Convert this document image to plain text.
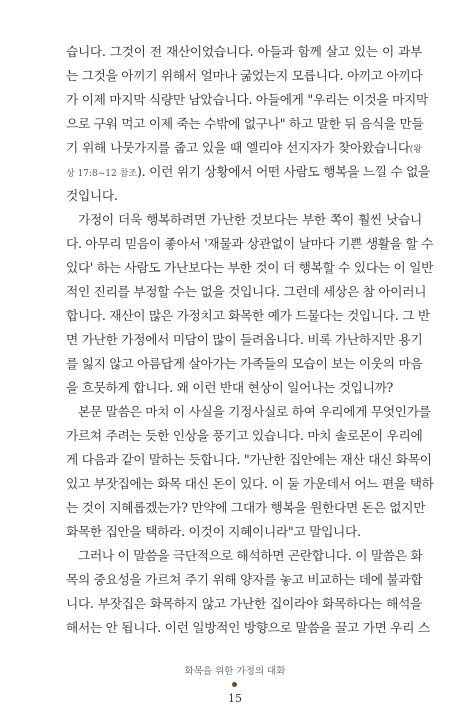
습니다. 그것이 전 재산이었습니다. 아들과 함께 살고 있는 이 과부
는 그것을 아끼기 위해서 얼마나 굶었는지 모릅니다. 아끼고 아끼다
가 이제 마지막 식량만 남았습니다. 아들에게 "우리는 이것을 마지막
으로 구워 먹고 이제 죽는 수밖에 없구나" 하고 말한 뒤 음식을 만들
기 위해 나뭇가지를 줍고 있을 때 엘리야 선지자가 찾아왔습니다(왕
상 17:8~12 참조). 이런 위기 상황에서 어떤 사람도 행복을 느낄 수 없을
것입니다.
가정이 더욱 행복하려면 가난한 것보다는 부한 쪽이 훨씬 낫습니
다. 아무리 믿음이 좋아서 '재물과 상관없이 날마다 기쁜 생활을 할 수
있다' 하는 사람도 가난보다는 부한 것이 더 행복할 수 있다는 이 일반
적인 진리를 부정할 수는 없을 것입니다. 그런데 세상은 참 아이러니
합니다. 재산이 많은 가정치고 화목한 예가 드물다는 것입니다. 그 반
면 가난한 가정에서 미담이 많이 들려옵니다. 비록 가난하지만 용기
를 잃지 않고 아름답게 살아가는 가족들의 모습이 보는 이웃의 마음
을 흐뭇하게 합니다. 왜 이런 반대 현상이 일어나는 것입니까?
본문 말씀은 마치 이 사실을 기정사실로 하여 우리에게 무엇인가를
가르쳐 주려는 듯한 인상을 풍기고 있습니다. 마치 솔로몬이 우리에
게 다음과 같이 말하는 듯합니다. "가난한 집안에는 재산 대신 화목이
있고 부잣집에는 화목 대신 돈이 있다. 이 둘 가운데서 어느 편을 택하
는 것이 지혜롭겠는가? 만약에 그대가 행복을 원한다면 돈은 없지만
화목한 집안을 택하라. 이것이 지혜이니라"고 말입니다.
그러나 이 말씀을 극단적으로 해석하면 곤란합니다. 이 말씀은 화
목의 중요성을 가르쳐 주기 위해 양자를 놓고 비교하는 데에 불과합
니다. 부잣집은 화목하지 않고 가난한 집이라야 화목하다는 해석을
해서는 안 됩니다. 이런 일방적인 방향으로 말씀을 끌고 가면 우리 스
화목을 위한 가정의 대화
15
